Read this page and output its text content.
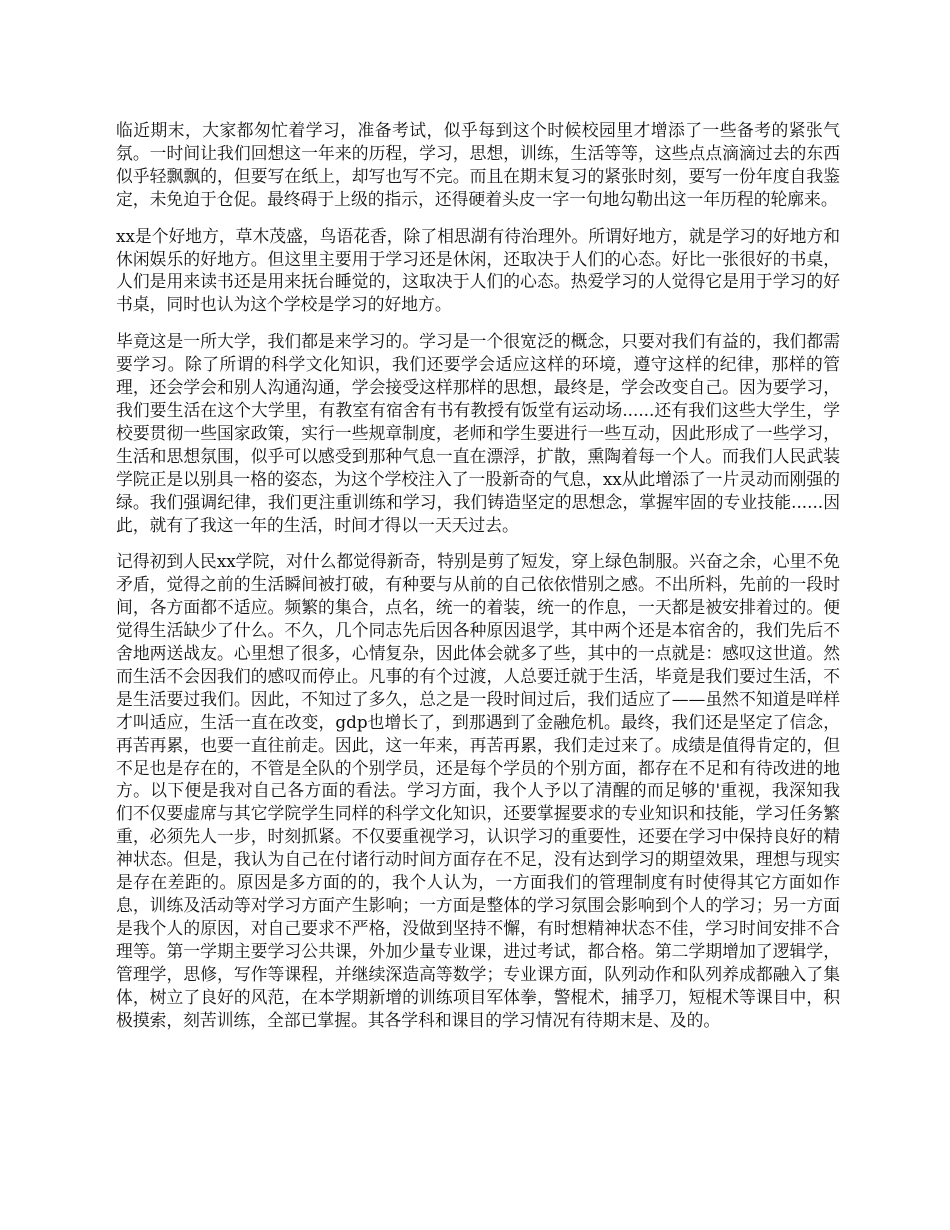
临近期末，大家都匆忙着学习，准备考试，似乎每到这个时候校园里才增添了一些备考的紧张气氛。一时间让我们回想这一年来的历程，学习，思想，训练，生活等等，这些点点滴滴过去的东西似乎轻飘飘的，但要写在纸上，却写也写不完。而且在期末复习的紧张时刻，要写一份年度自我鉴定，未免迫于仓促。最终碍于上级的指示，还得硬着头皮一字一句地勾勒出这一年历程的轮廓来。

xx是个好地方，草木茂盛，鸟语花香，除了相思湖有待治理外。所谓好地方，就是学习的好地方和休闲娱乐的好地方。但这里主要用于学习还是休闲，还取决于人们的心态。好比一张很好的书桌，人们是用来读书还是用来抚台睡觉的，这取决于人们的心态。热爱学习的人觉得它是用于学习的好书桌，同时也认为这个学校是学习的好地方。

毕竟这是一所大学，我们都是来学习的。学习是一个很宽泛的概念，只要对我们有益的，我们都需要学习。除了所谓的科学文化知识，我们还要学会适应这样的环境，遵守这样的纪律，那样的管理，还会学会和别人沟通沟通，学会接受这样那样的思想，最终是，学会改变自己。因为要学习，我们要生活在这个大学里，有教室有宿舍有书有教授有饭堂有运动场......还有我们这些大学生，学校要贯彻一些国家政策，实行一些规章制度，老师和学生要进行一些互动，因此形成了一些学习，生活和思想氛围，似乎可以感受到那种气息一直在漂浮，扩散，熏陶着每一个人。而我们人民武装学院正是以别具一格的姿态，为这个学校注入了一股新奇的气息，xx从此增添了一片灵动而刚强的绿。我们强调纪律，我们更注重训练和学习，我们铸造坚定的思想念，掌握牢固的专业技能......因此，就有了我这一年的生活，时间才得以一天天过去。

记得初到人民xx学院，对什么都觉得新奇，特别是剪了短发，穿上绿色制服。兴奋之余，心里不免矛盾，觉得之前的生活瞬间被打破，有种要与从前的自己依依惜别之感。不出所料，先前的一段时间，各方面都不适应。频繁的集合，点名，统一的着装，统一的作息，一天都是被安排着过的。便觉得生活缺少了什么。不久，几个同志先后因各种原因退学，其中两个还是本宿舍的，我们先后不舍地两送战友。心里想了很多，心情复杂，因此体会就多了些，其中的一点就是：感叹这世道。然而生活不会因我们的感叹而停止。凡事的有个过渡，人总要迁就于生活，毕竟是我们要过生活，不是生活要过我们。因此，不知过了多久，总之是一段时间过后，我们适应了——虽然不知道是咩样才叫适应，生活一直在改变，gdp也增长了，到那遇到了金融危机。最终，我们还是坚定了信念，再苦再累，也要一直往前走。因此，这一年来，再苦再累，我们走过来了。成绩是值得肯定的，但不足也是存在的，不管是全队的个别学员，还是每个学员的个别方面，都存在不足和有待改进的地方。以下便是我对自己各方面的看法。学习方面，我个人予以了清醒的而足够的'重视，我深知我们不仅要虚席与其它学院学生同样的科学文化知识，还要掌握要求的专业知识和技能，学习任务繁重，必须先人一步，时刻抓紧。不仅要重视学习，认识学习的重要性，还要在学习中保持良好的精神状态。但是，我认为自己在付诸行动时间方面存在不足，没有达到学习的期望效果，理想与现实是存在差距的。原因是多方面的的，我个人认为，一方面我们的管理制度有时使得其它方面如作息，训练及活动等对学习方面产生影响；一方面是整体的学习氛围会影响到个人的学习；另一方面是我个人的原因，对自己要求不严格，没做到坚持不懈，有时想精神状态不佳，学习时间安排不合理等。第一学期主要学习公共课，外加少量专业课，进过考试，都合格。第二学期增加了逻辑学，管理学，思修，写作等课程，并继续深造高等数学；专业课方面，队列动作和队列养成都融入了集体，树立了良好的风范，在本学期新增的训练项目军体拳，警棍术，捕孚刀，短棍术等课目中，积极摸索，刻苦训练，全部已掌握。其各学科和课目的学习情况有待期末是、及的。
